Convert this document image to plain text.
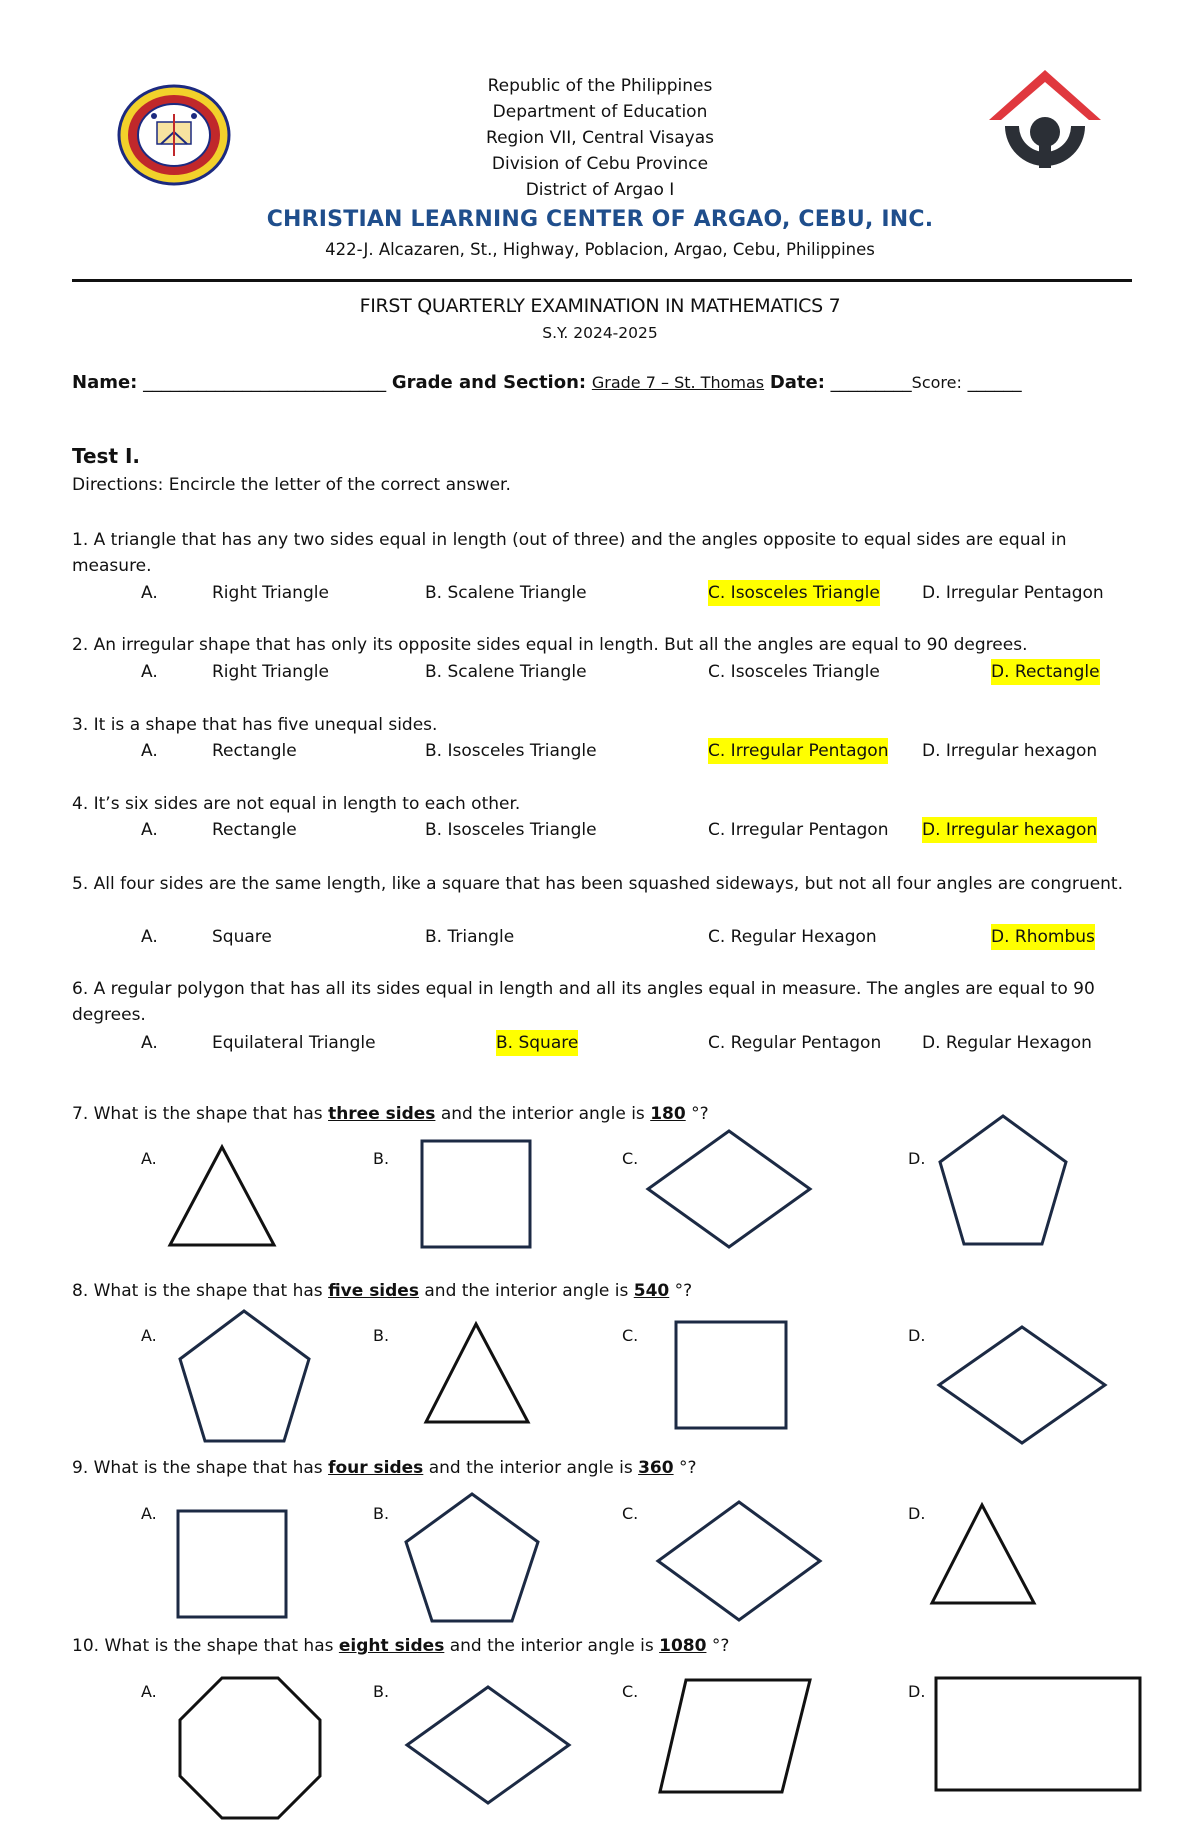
Republic of the Philippines
Department of Education
Region VII, Central Visayas
Division of Cebu Province
District of Argao I
CHRISTIAN LEARNING CENTER OF ARGAO, CEBU, INC.
422-J. Alcazaren, St., Highway, Poblacion, Argao, Cebu, Philippines
FIRST QUARTERLY EXAMINATION IN MATHEMATICS 7
S.Y. 2024-2025
Name: ___________________________ Grade and Section: Grade 7 – St. Thomas Date: _________Score: ______
Test I.
Directions: Encircle the letter of the correct answer.
1. A triangle that has any two sides equal in length (out of three) and the angles opposite to equal sides are equal in measure.
A.	Right Triangle	B. Scalene Triangle	C. Isosceles Triangle D. Irregular Pentagon
2. An irregular shape that has only its opposite sides equal in length. But all the angles are equal to 90 degrees.
A.	Right Triangle	B. Scalene Triangle	C. Isosceles Triangle	D. Rectangle
3. It is a shape that has five unequal sides.
A.	Rectangle	B. Isosceles Triangle	C. Irregular Pentagon D. Irregular hexagon
4. It’s six sides are not equal in length to each other.
A.	Rectangle	B. Isosceles Triangle	C. Irregular Pentagon D. Irregular hexagon
5. All four sides are the same length, like a square that has been squashed sideways, but not all four angles are congruent.
A.	Square	B. Triangle	C. Regular Hexagon	D. Rhombus
6. A regular polygon that has all its sides equal in length and all its angles equal in measure. The angles are equal to 90 degrees.
A.	Equilateral Triangle	B. Square	C. Regular Pentagon D. Regular Hexagon
7. What is the shape that has three sides and the interior angle is 180 °?
A.	B.	C.	D.
8. What is the shape that has five sides and the interior angle is 540 °?
A.	B.	C.	D.
9. What is the shape that has four sides and the interior angle is 360 °?
A.	B.	C.	D.
10. What is the shape that has eight sides and the interior angle is 1080 °?
A.	B.	C.	D.
